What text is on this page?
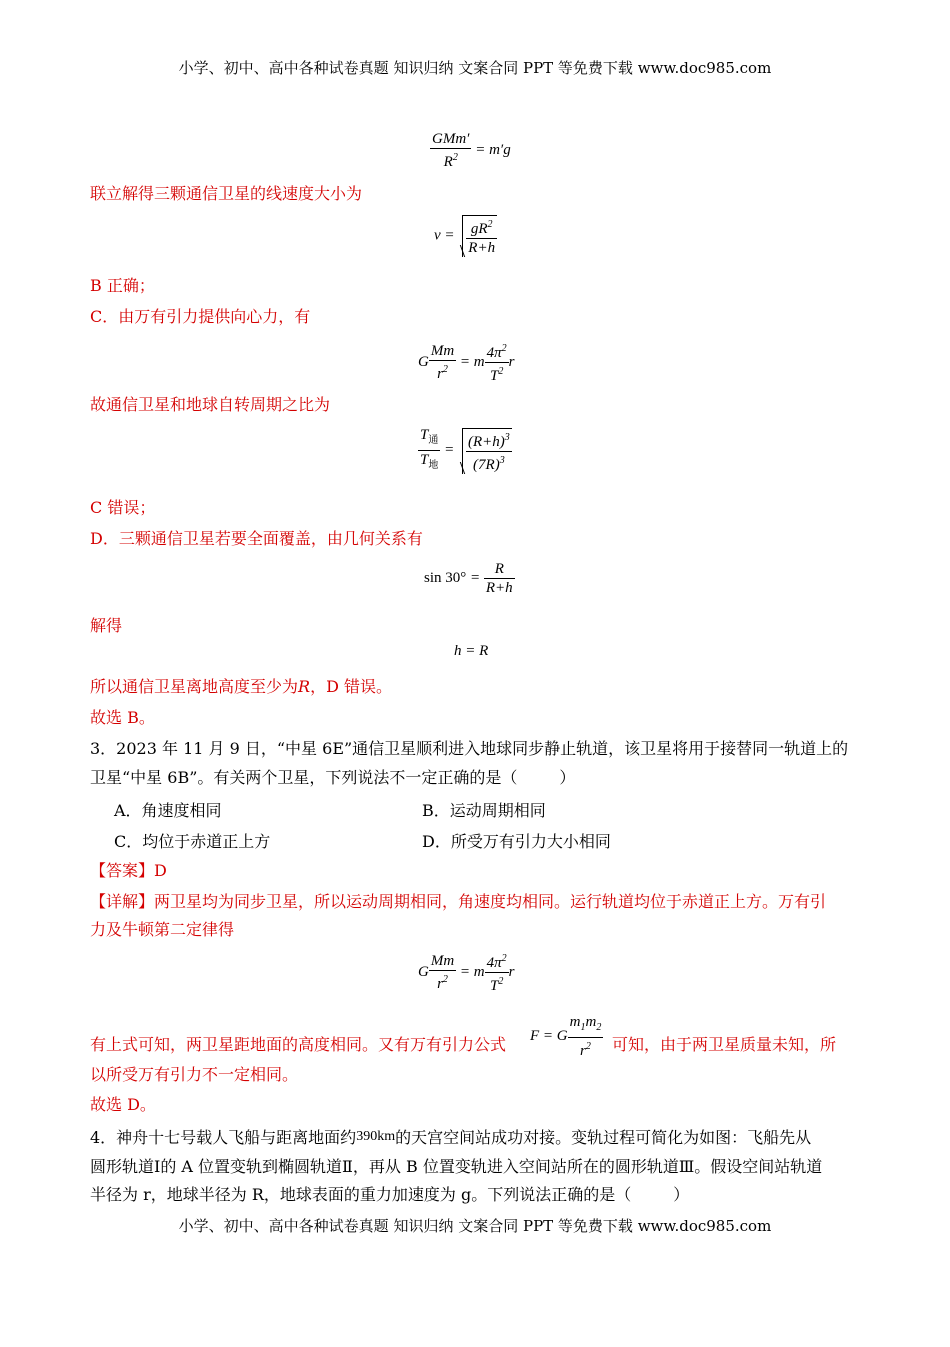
小学、初中、高中各种试卷真题 知识归纳 文案合同 PPT 等免费下载 www.doc985.com
$\frac{\text{GMm′}}{R^2} = m'g$
联立解得三颗通信卫星的线速度大小为
$v = \frac{gR^2}{R+h}$
B 正确；
C．由万有引力提供向心力，有
G $\frac{Mm}{r^2} = m \frac{4\pi^2}{T^2}$ r
故通信卫星和地球自转周期之比为
$\frac{T_通}{T_地} = \frac{(R+h)^3}{(7R)^3}$
C 错误；
D．三颗通信卫星若要全面覆盖，由几何关系有
$\sin 30^\circ = \frac{R}{R+h}$
解得
h = R
所以通信卫星离地高度至少为R，D 错误。
故选 B。
3．2023 年 11 月 9 日，“中星 6E”通信卫星顺利进入地球同步静止轨道，该卫星将用于接替同一轨道上的
卫星“中星 6B”。有关两个卫星，下列说法不一定正确的是（	）
A．角速度相同	B．运动周期相同
C．均位于赤道正上方	D．所受万有引力大小相同
【答案】D
【详解】两卫星均为同步卫星，所以运动周期相同，角速度均相同。运行轨道均位于赤道正上方。万有引
力及牛顿第二定律得
G $\frac{Mm}{r^2} = m \frac{4\pi^2}{T^2}$ r
有上式可知，两卫星距地面的高度相同。又有万有引力公式 F = G $\frac{m_1m_2}{r^2}$ 可知，由于两卫星质量未知，所
以所受万有引力不一定相同。
故选 D。
4．神舟十七号载人飞船与距离地面约390km的天宫空间站成功对接。变轨过程可简化为如图：飞船先从
圆形轨道Ⅰ的 A 位置变轨到椭圆轨道Ⅱ，再从 B 位置变轨进入空间站所在的圆形轨道Ⅲ。假设空间站轨道
半径为 r，地球半径为 R，地球表面的重力加速度为 g。下列说法正确的是（	）
小学、初中、高中各种试卷真题 知识归纳 文案合同 PPT 等免费下载 www.doc985.com
